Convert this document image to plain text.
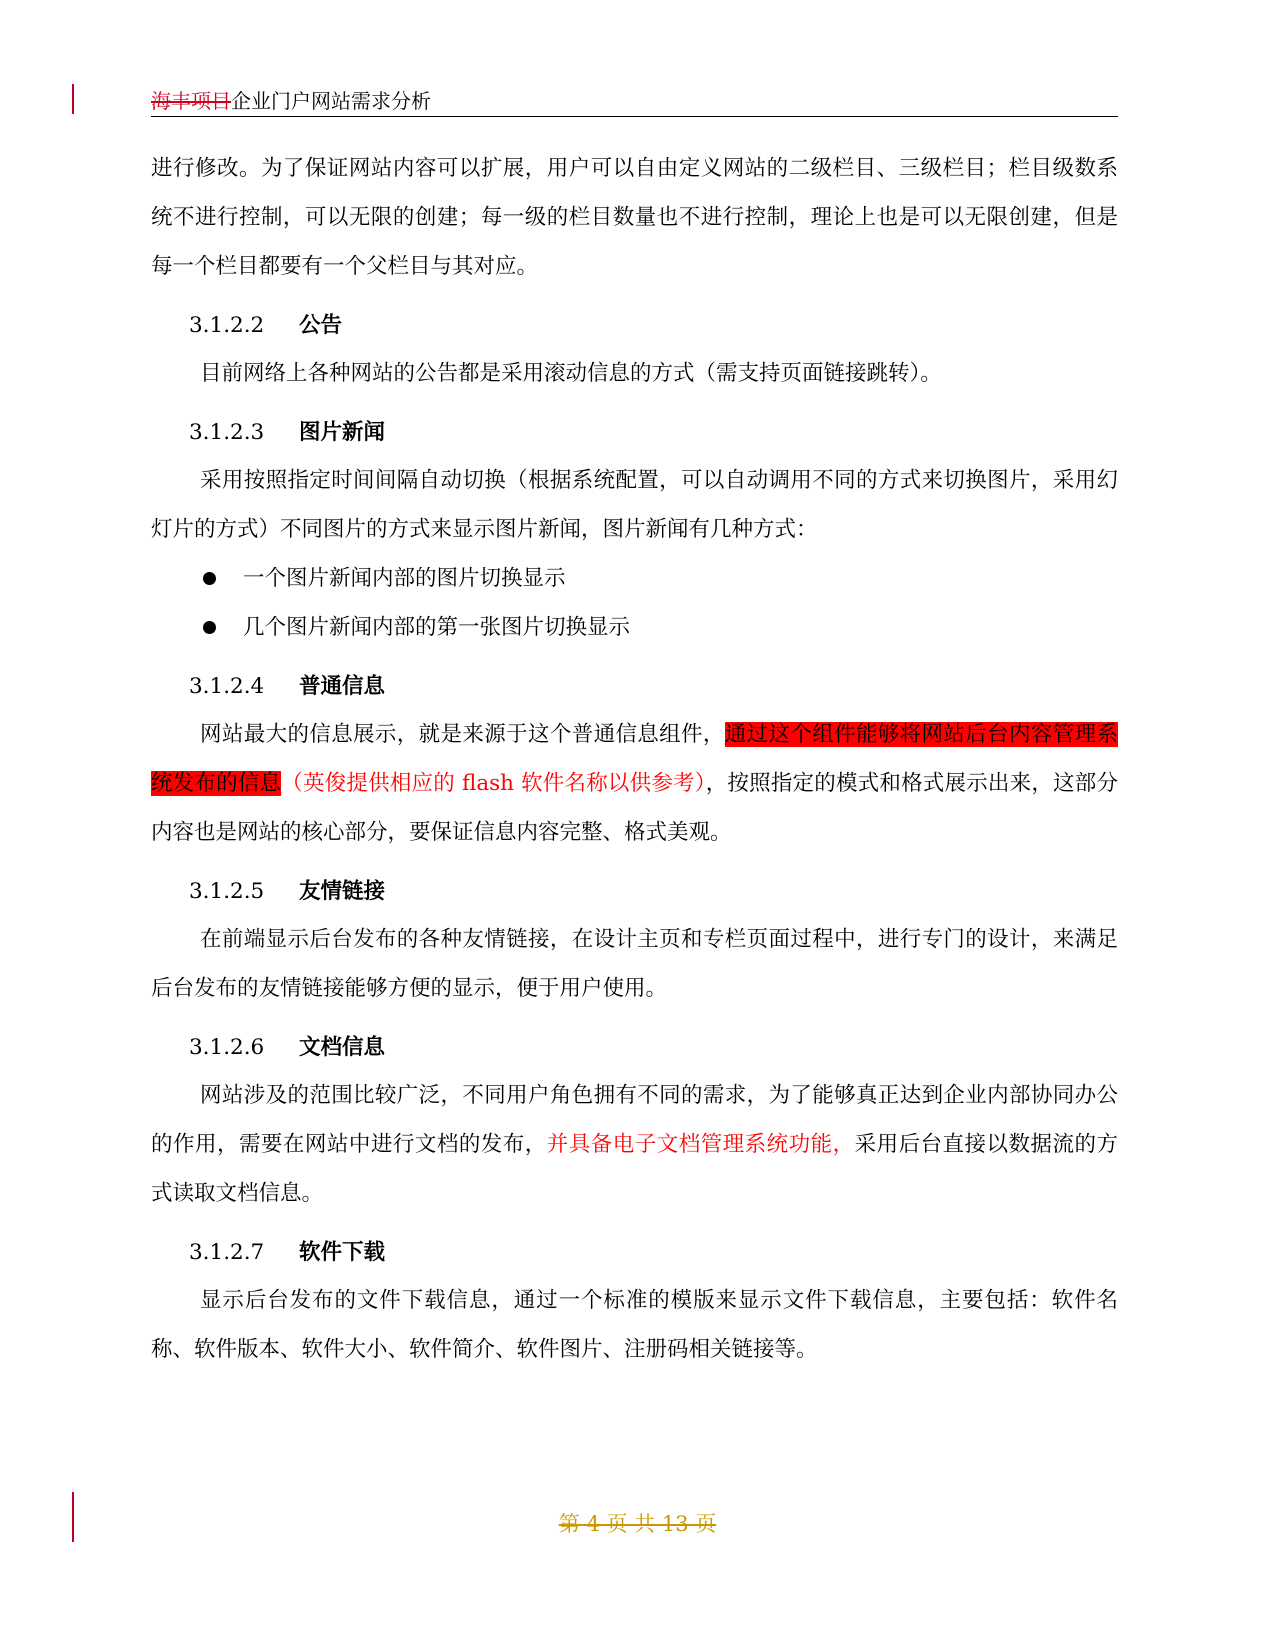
海丰项目企业门户网站需求分析

进行修改。为了保证网站内容可以扩展，用户可以自由定义网站的二级栏目、三级栏目；栏目级数系统不进行控制，可以无限的创建；每一级的栏目数量也不进行控制，理论上也是可以无限创建，但是每一个栏目都要有一个父栏目与其对应。

3.1.2.2 公告

目前网络上各种网站的公告都是采用滚动信息的方式（需支持页面链接跳转）。

3.1.2.3 图片新闻

采用按照指定时间间隔自动切换（根据系统配置，可以自动调用不同的方式来切换图片，采用幻灯片的方式）不同图片的方式来显示图片新闻，图片新闻有几种方式：

一个图片新闻内部的图片切换显示
几个图片新闻内部的第一张图片切换显示
3.1.2.4 普通信息

网站最大的信息展示，就是来源于这个普通信息组件，通过这个组件能够将网站后台内容管理系统发布的信息（英俊提供相应的 flash 软件名称以供参考），按照指定的模式和格式展示出来，这部分内容也是网站的核心部分，要保证信息内容完整、格式美观。

3.1.2.5 友情链接

在前端显示后台发布的各种友情链接，在设计主页和专栏页面过程中，进行专门的设计，来满足后台发布的友情链接能够方便的显示，便于用户使用。

3.1.2.6 文档信息

网站涉及的范围比较广泛，不同用户角色拥有不同的需求，为了能够真正达到企业内部协同办公的作用，需要在网站中进行文档的发布，并具备电子文档管理系统功能，采用后台直接以数据流的方式读取文档信息。

3.1.2.7 软件下载

显示后台发布的文件下载信息，通过一个标准的模版来显示文件下载信息，主要包括：软件名称、软件版本、软件大小、软件简介、软件图片、注册码相关链接等。

第 4 页 共 13 页
